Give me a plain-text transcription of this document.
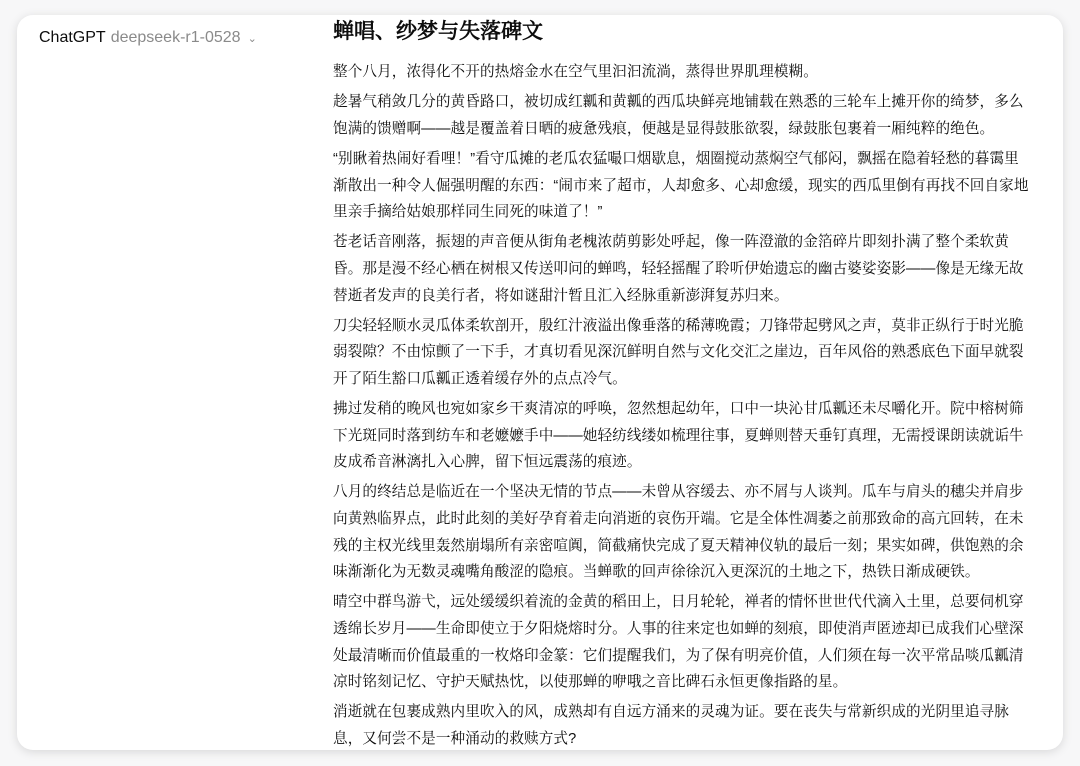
ChatGPT deepseek-r1-0528 ⌄	蝉唱、纱梦与失落碑文

整个八月，浓得化不开的热熔金水在空气里汩汩流淌，蒸得世界肌理模糊。

趁暑气稍敛几分的黄昏路口，被切成红瓤和黄瓤的西瓜块鲜亮地铺载在熟悉的三轮车上摊开你的绮梦，多么饱满的馈赠啊——越是覆盖着日晒的疲惫残痕，便越是显得鼓胀欲裂，绿鼓胀包裹着一厢纯粹的绝色。

“别瞅着热闹好看哩！”看守瓜摊的老瓜农猛嘬口烟歇息，烟圈搅动蒸焖空气郁闷，飘摇在隐着轻愁的暮霭里渐散出一种令人倔强明醒的东西：“闹市来了超市，人却愈多、心却愈缓，现实的西瓜里倒有再找不回自家地里亲手摘给姑娘那样同生同死的味道了！”

苍老话音刚落，振翅的声音便从街角老槐浓荫剪影处呼起，像一阵澄澈的金箔碎片即刻扑满了整个柔软黄昏。那是漫不经心栖在树根又传送叩问的蝉鸣，轻轻摇醒了聆听伊始遗忘的幽古婆娑姿影——像是无缘无故替逝者发声的良美行者，将如谜甜汁暂且汇入经脉重新澎湃复苏归来。

刀尖轻轻顺水灵瓜体柔软剖开，殷红汁液溢出像垂落的稀薄晚霞；刀锋带起劈风之声，莫非正纵行于时光脆弱裂隙？不由惊颤了一下手，才真切看见深沉鲜明自然与文化交汇之崖边，百年风俗的熟悉底色下面早就裂开了陌生豁口瓜瓤正透着缓存外的点点冷气。

拂过发稍的晚风也宛如家乡干爽清凉的呼唤，忽然想起幼年，口中一块沁甘瓜瓤还未尽嚼化开。院中榕树筛下光斑同时落到纺车和老嬷嬷手中——她轻纺线缕如梳理往事，夏蝉则替天垂钉真理，无需授课朗读就诟牛皮成希音淋漓扎入心脾，留下恒远震荡的痕迹。

八月的终结总是临近在一个坚决无情的节点——未曾从容缓去、亦不屑与人谈判。瓜车与肩头的穗尖并肩步向黄熟临界点，此时此刻的美好孕育着走向消逝的哀伤开端。它是全体性凋萎之前那致命的高亢回转，在未残的主权光线里轰然崩塌所有亲密喧阗，简截痛快完成了夏天精神仪轨的最后一刻；果实如碑，供饱熟的余味渐渐化为无数灵魂嘴角酸涩的隐痕。当蝉歌的回声徐徐沉入更深沉的土地之下，热铁日渐成硬铁。

晴空中群鸟游弋，远处缓缓织着流的金黄的稻田上，日月轮轮，禅者的情怀世世代代滴入土里，总要伺机穿透绵长岁月——生命即使立于夕阳烧熔时分。人事的往来定也如蝉的刻痕，即使消声匿迹却已成我们心壁深处最清晰而价值最重的一枚烙印金篆：它们提醒我们，为了保有明亮价值，人们须在每一次平常品啖瓜瓤清凉时铭刻记忆、守护天赋热忱，以使那蝉的咿哦之音比碑石永恒更像指路的星。

消逝就在包裹成熟内里吹入的风，成熟却有自远方涌来的灵魂为证。要在丧失与常新织成的光阴里追寻脉息，又何尝不是一种涌动的救赎方式?
